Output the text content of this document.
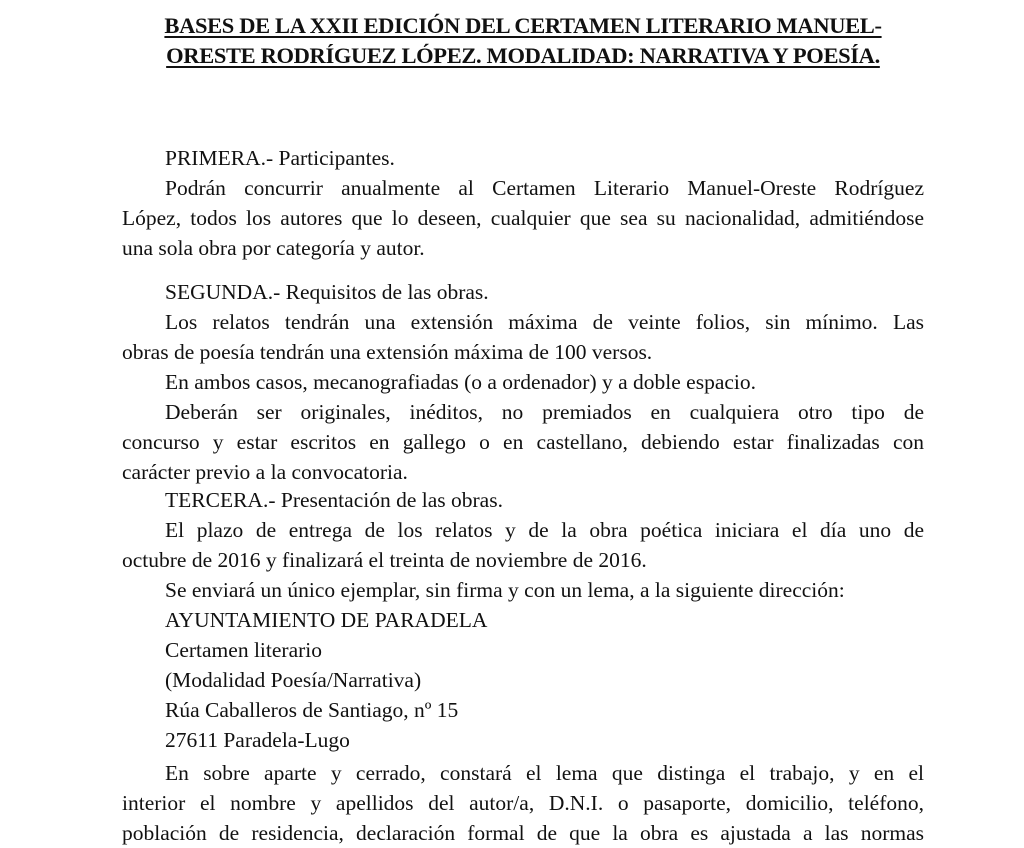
BASES DE LA XXII EDICIÓN DEL CERTAMEN LITERARIO MANUEL-
ORESTE RODRÍGUEZ LÓPEZ. MODALIDAD: NARRATIVA Y POESÍA.
PRIMERA.- Participantes.
Podrán concurrir anualmente al Certamen Literario Manuel-Oreste Rodríguez
López, todos los autores que lo deseen, cualquier que sea su nacionalidad, admitiéndose
una sola obra por categoría y autor.
SEGUNDA.- Requisitos de las obras.
Los relatos tendrán una extensión máxima de veinte folios, sin mínimo. Las
obras de poesía tendrán una extensión máxima de 100 versos.
En ambos casos, mecanografiadas (o a ordenador) y a doble espacio.
Deberán ser originales, inéditos, no premiados en cualquiera otro tipo de
concurso y estar escritos en gallego o en castellano, debiendo estar finalizadas con
carácter previo a la convocatoria.
TERCERA.- Presentación de las obras.
El plazo de entrega de los relatos y de la obra poética iniciara el día uno de
octubre de 2016 y finalizará el treinta de noviembre de 2016.
Se enviará un único ejemplar, sin firma y con un lema, a la siguiente dirección:
AYUNTAMIENTO DE PARADELA
Certamen literario
(Modalidad Poesía/Narrativa)
Rúa Caballeros de Santiago, nº 15
27611 Paradela-Lugo
En sobre aparte y cerrado, constará el lema que distinga el trabajo, y en el
interior el nombre y apellidos del autor/a, D.N.I. o pasaporte, domicilio, teléfono,
población de residencia, declaración formal de que la obra es ajustada a las normas
